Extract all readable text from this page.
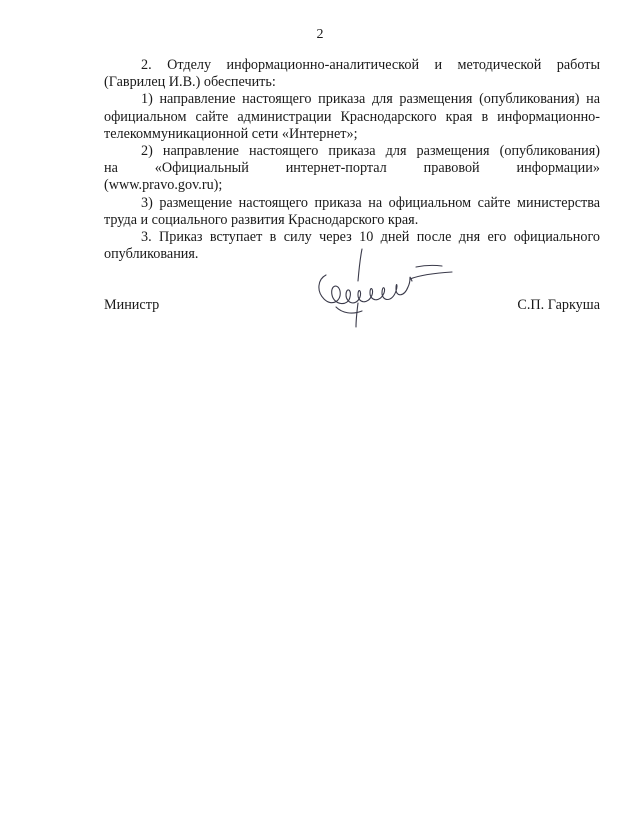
2

2. Отделу информационно-аналитической и методической работы

(Гаврилец И.В.) обеспечить:

1) направление настоящего приказа для размещения (опубликования) на официальном сайте администрации Краснодарского края в информационно-телекоммуникационной сети «Интернет»;

2) направление настоящего приказа для размещения (опубликования)

на	«Официальный	интернет-портал	правовой	информации»

(www.pravo.gov.ru);

3) размещение настоящего приказа на официальном сайте министерства труда и социального развития Краснодарского края.

3. Приказ вступает в силу через 10 дней после дня его официального опубликования.

Министр	С.П. Гаркуша
